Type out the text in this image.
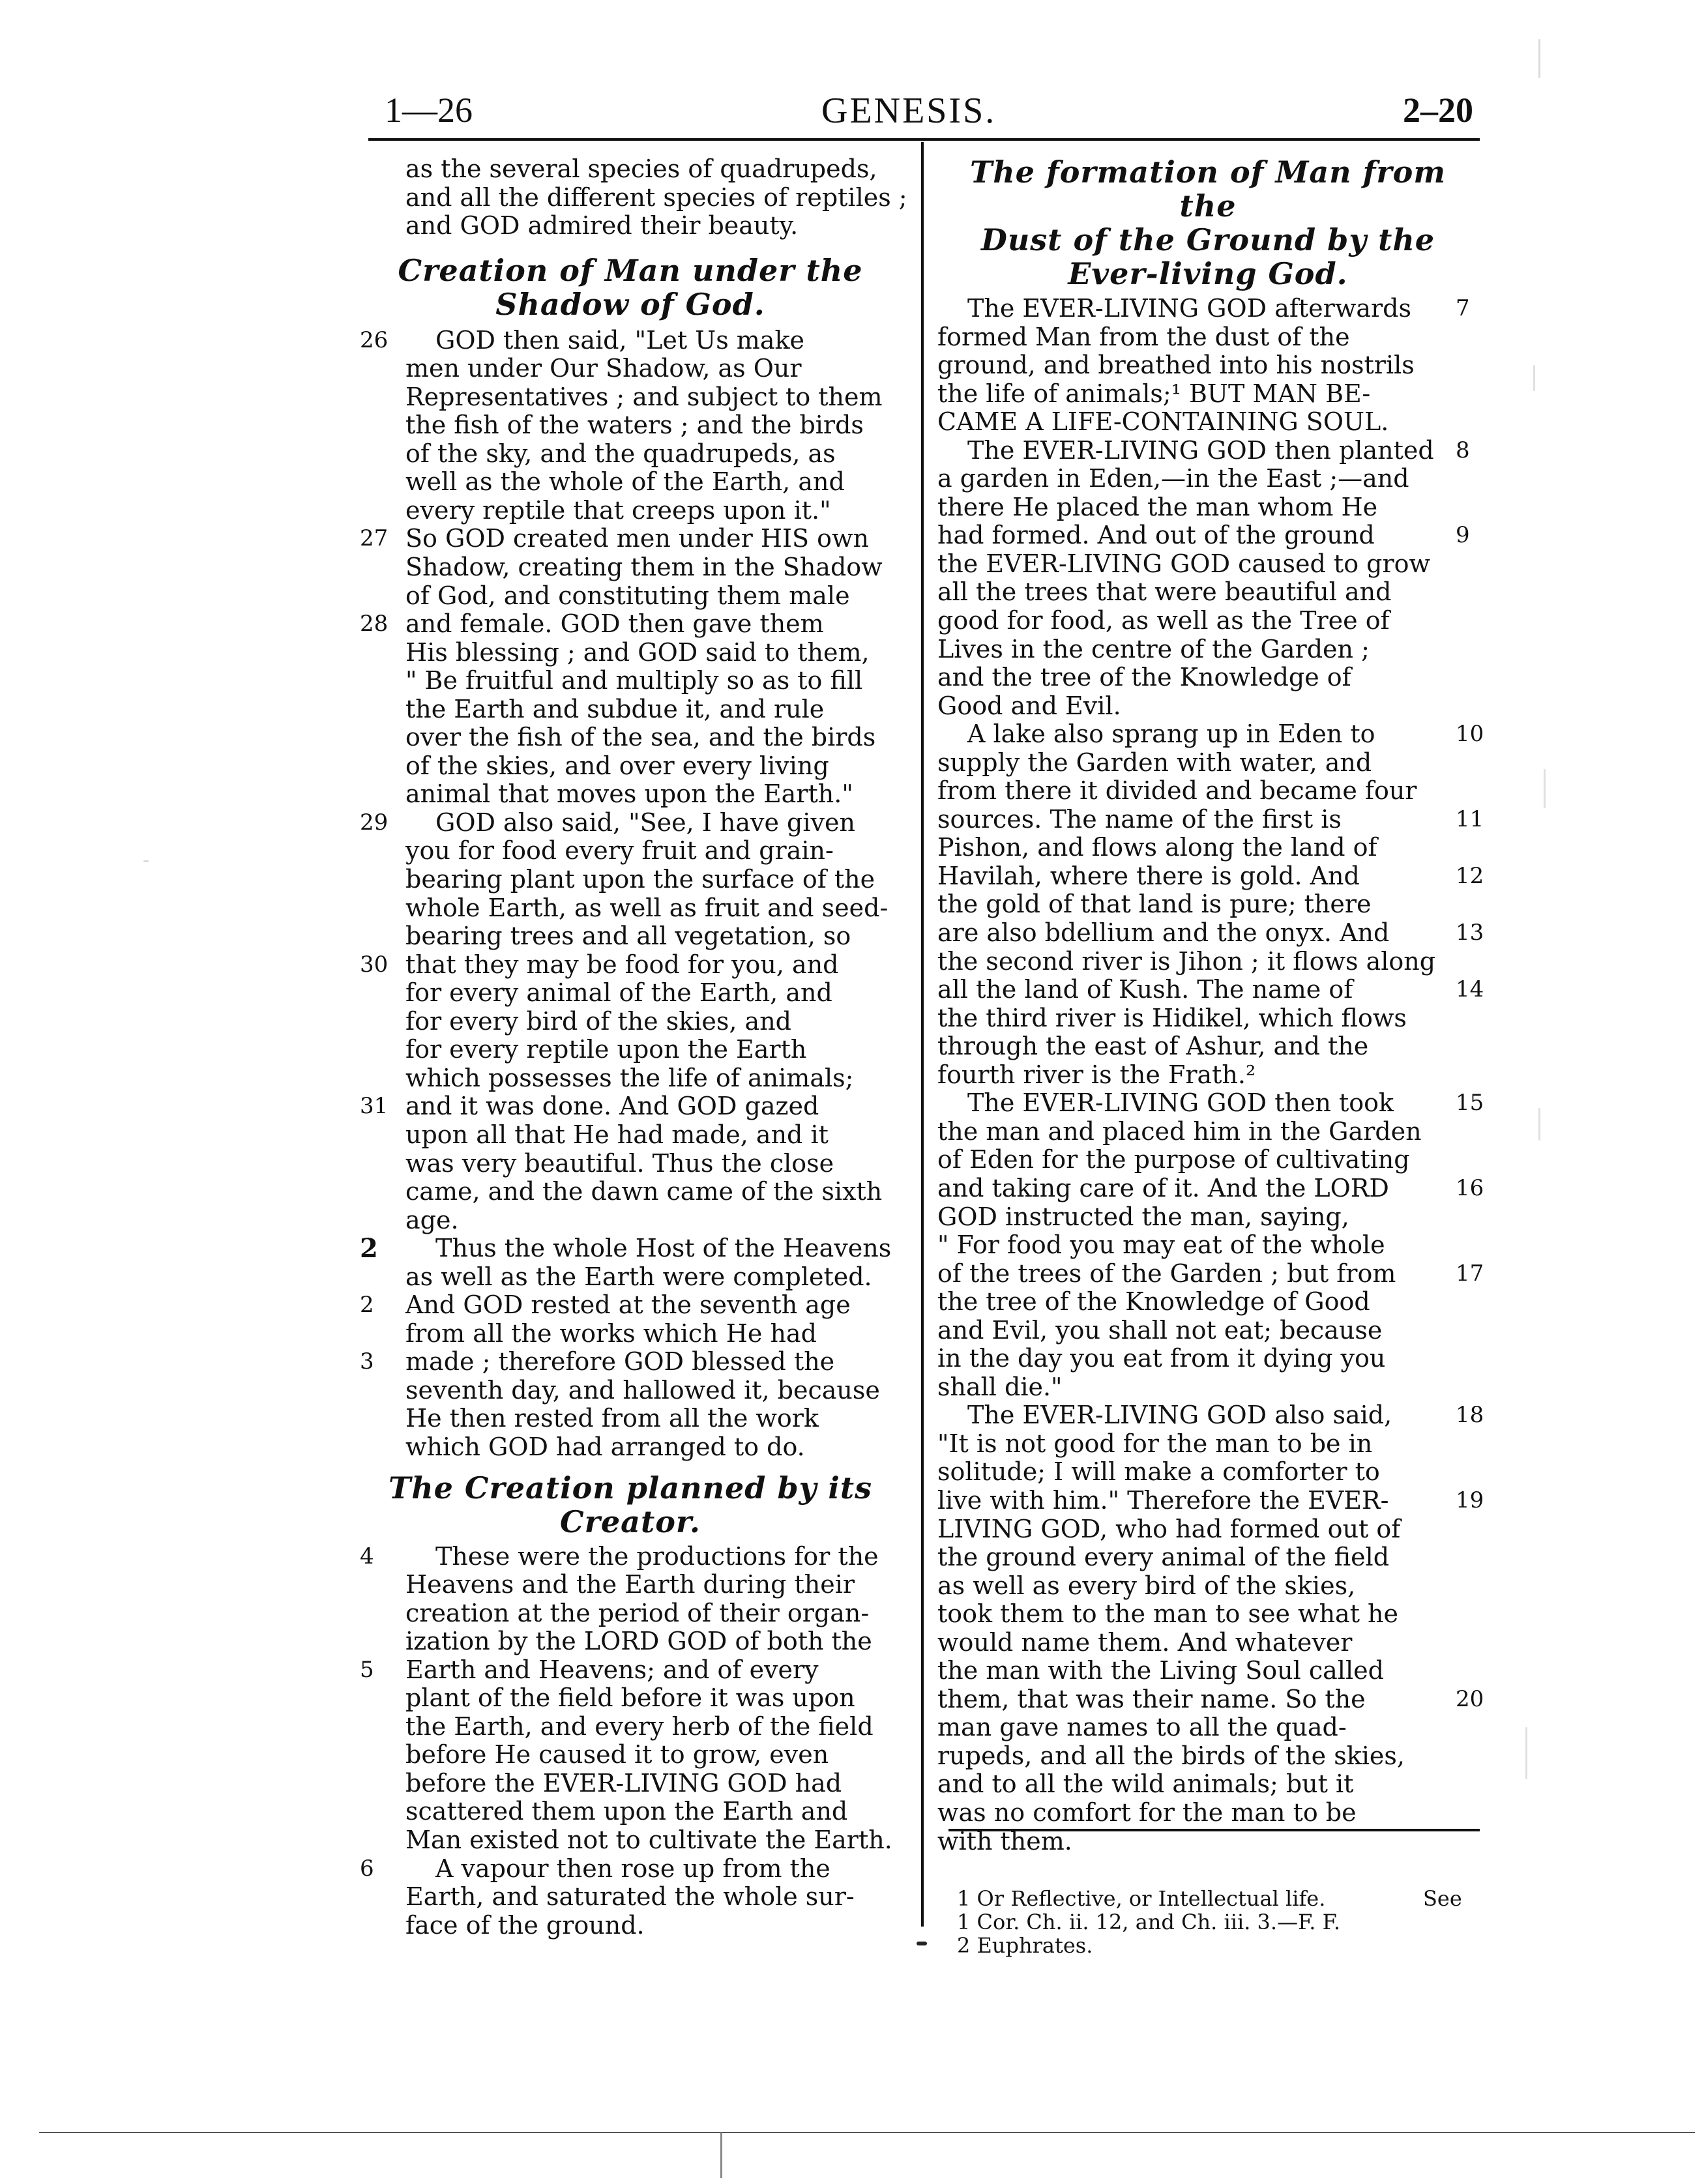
1—26	GENESIS.	2–20
as the several species of quadrupeds,
and all the different species of reptiles ;
and GOD admired their beauty.
Creation of Man under the
Shadow of God.
26 GOD then said, "Let Us make
men under Our Shadow, as Our
Representatives ; and subject to them
the fish of the waters ; and the birds
of the sky, and the quadrupeds, as
well as the whole of the Earth, and
every reptile that creeps upon it."
27 So GOD created men under HIS own
Shadow, creating them in the Shadow
of God, and constituting them male
28 and female. GOD then gave them
His blessing ; and GOD said to them,
" Be fruitful and multiply so as to fill
the Earth and subdue it, and rule
over the fish of the sea, and the birds
of the skies, and over every living
animal that moves upon the Earth."
29 GOD also said, "See, I have given
you for food every fruit and grain-
bearing plant upon the surface of the
whole Earth, as well as fruit and seed-
bearing trees and all vegetation, so
30 that they may be food for you, and
for every animal of the Earth, and
for every bird of the skies, and
for every reptile upon the Earth
which possesses the life of animals;
31 and it was done. And GOD gazed
upon all that He had made, and it
was very beautiful. Thus the close
came, and the dawn came of the sixth
age.
2 Thus the whole Host of the Heavens
as well as the Earth were completed.
2 And GOD rested at the seventh age
from all the works which He had
3 made ; therefore GOD blessed the
seventh day, and hallowed it, because
He then rested from all the work
which GOD had arranged to do.
The Creation planned by its Creator.
4 These were the productions for the
Heavens and the Earth during their
creation at the period of their organ-
ization by the LORD GOD of both the
5 Earth and Heavens; and of every
plant of the field before it was upon
the Earth, and every herb of the field
before He caused it to grow, even
before the EVER-LIVING GOD had
scattered them upon the Earth and
Man existed not to cultivate the Earth.
6 A vapour then rose up from the
Earth, and saturated the whole sur-
face of the ground.
The formation of Man from the
Dust of the Ground by the
Ever-living God.
7
The EVER-LIVING GOD afterwards
formed Man from the dust of the
ground, and breathed into his nostrils
the life of animals;¹ BUT MAN BE-
CAME A LIFE-CONTAINING SOUL.
8
The EVER-LIVING GOD then planted
a garden in Eden,—in the East ;—and
there He placed the man whom He
9
had formed. And out of the ground
the EVER-LIVING GOD caused to grow
all the trees that were beautiful and
good for food, as well as the Tree of
Lives in the centre of the Garden ;
and the tree of the Knowledge of
Good and Evil.
10
A lake also sprang up in Eden to
supply the Garden with water, and
from there it divided and became four
11
sources. The name of the first is
Pishon, and flows along the land of
12
Havilah, where there is gold. And
the gold of that land is pure; there
13
are also bdellium and the onyx. And
the second river is Jihon ; it flows along
14
all the land of Kush. The name of
the third river is Hidikel, which flows
through the east of Ashur, and the
fourth river is the Frath.²
15
The EVER-LIVING GOD then took
the man and placed him in the Garden
of Eden for the purpose of cultivating
16
and taking care of it. And the LORD
GOD instructed the man, saying,
" For food you may eat of the whole
17
of the trees of the Garden ; but from
the tree of the Knowledge of Good
and Evil, you shall not eat; because
in the day you eat from it dying you
shall die."
18
The EVER-LIVING GOD also said,
"It is not good for the man to be in
solitude; I will make a comforter to
19
live with him." Therefore the EVER-
LIVING GOD, who had formed out of
the ground every animal of the field
as well as every bird of the skies,
took them to the man to see what he
would name them. And whatever
the man with the Living Soul called
20
them, that was their name. So the
man gave names to all the quad-
rupeds, and all the birds of the skies,
and to all the wild animals; but it
was no comfort for the man to be
with them.
1 Or Reflective, or Intellectual life.	See
1 Cor. Ch. ii. 12, and Ch. iii. 3.—F. F.
2 Euphrates.
